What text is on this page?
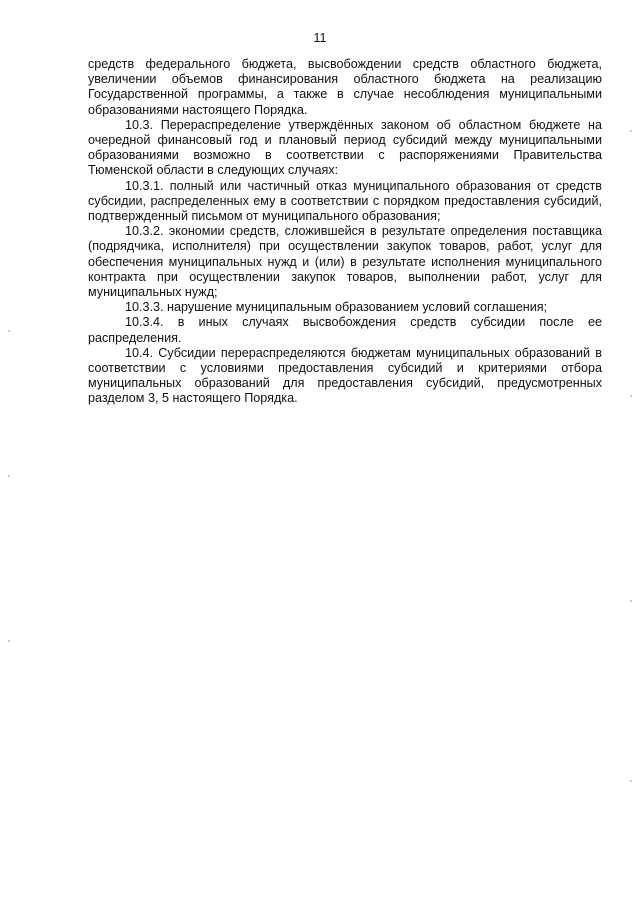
11

средств федерального бюджета, высвобождении средств областного бюджета, увеличении объемов финансирования областного бюджета на реализацию Государственной программы, а также в случае несоблюдения муниципальными образованиями настоящего Порядка.

10.3. Перераспределение утверждённых законом об областном бюджете на очередной финансовый год и плановый период субсидий между муниципальными образованиями возможно в соответствии с распоряжениями Правительства Тюменской области в следующих случаях:

10.3.1. полный или частичный отказ муниципального образования от средств субсидии, распределенных ему в соответствии с порядком предоставления субсидий, подтвержденный письмом от муниципального образования;

10.3.2. экономии средств, сложившейся в результате определения поставщика (подрядчика, исполнителя) при осуществлении закупок товаров, работ, услуг для обеспечения муниципальных нужд и (или) в результате исполнения муниципального контракта при осуществлении закупок товаров, выполнении работ, услуг для муниципальных нужд;

10.3.3. нарушение муниципальным образованием условий соглашения;

10.3.4. в иных случаях высвобождения средств субсидии после ее распределения.

10.4. Субсидии перераспределяются бюджетам муниципальных образований в соответствии с условиями предоставления субсидий и критериями отбора муниципальных образований для предоставления субсидий, предусмотренных разделом 3, 5 настоящего Порядка.
